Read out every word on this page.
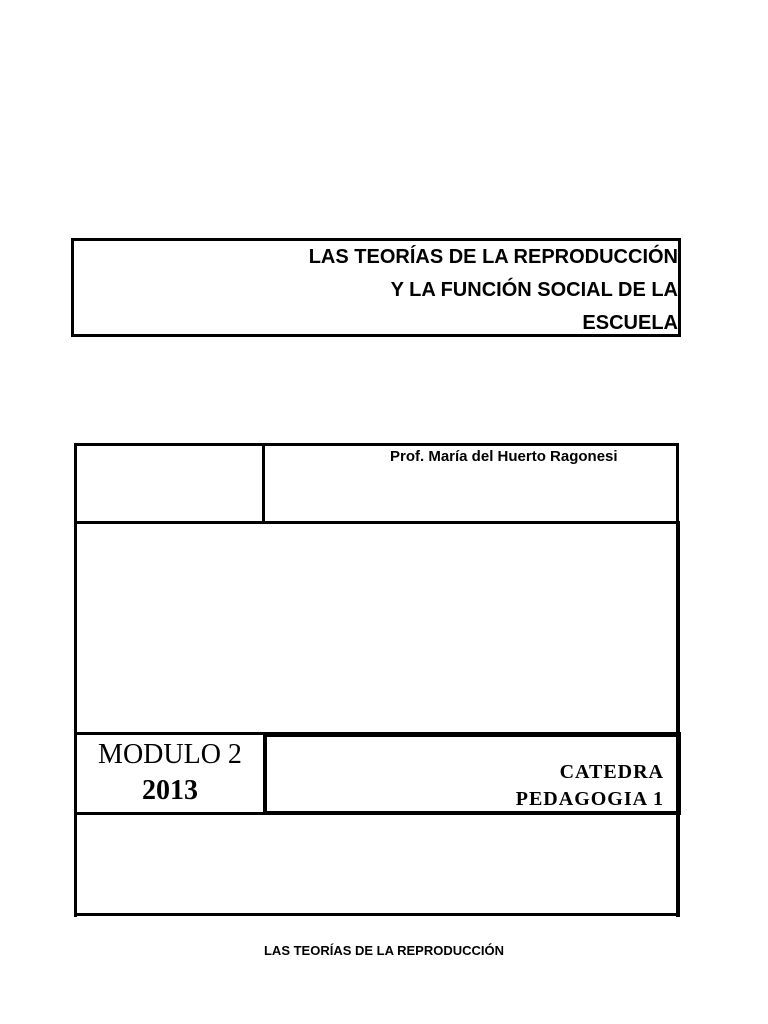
LAS TEORÍAS DE LA REPRODUCCIÓN
Y LA FUNCIÓN SOCIAL DE LA
ESCUELA
Prof. María del Huerto Ragonesi
MODULO 2
2013
CATEDRA
PEDAGOGIA 1
LAS TEORÍAS DE LA REPRODUCCIÓN
